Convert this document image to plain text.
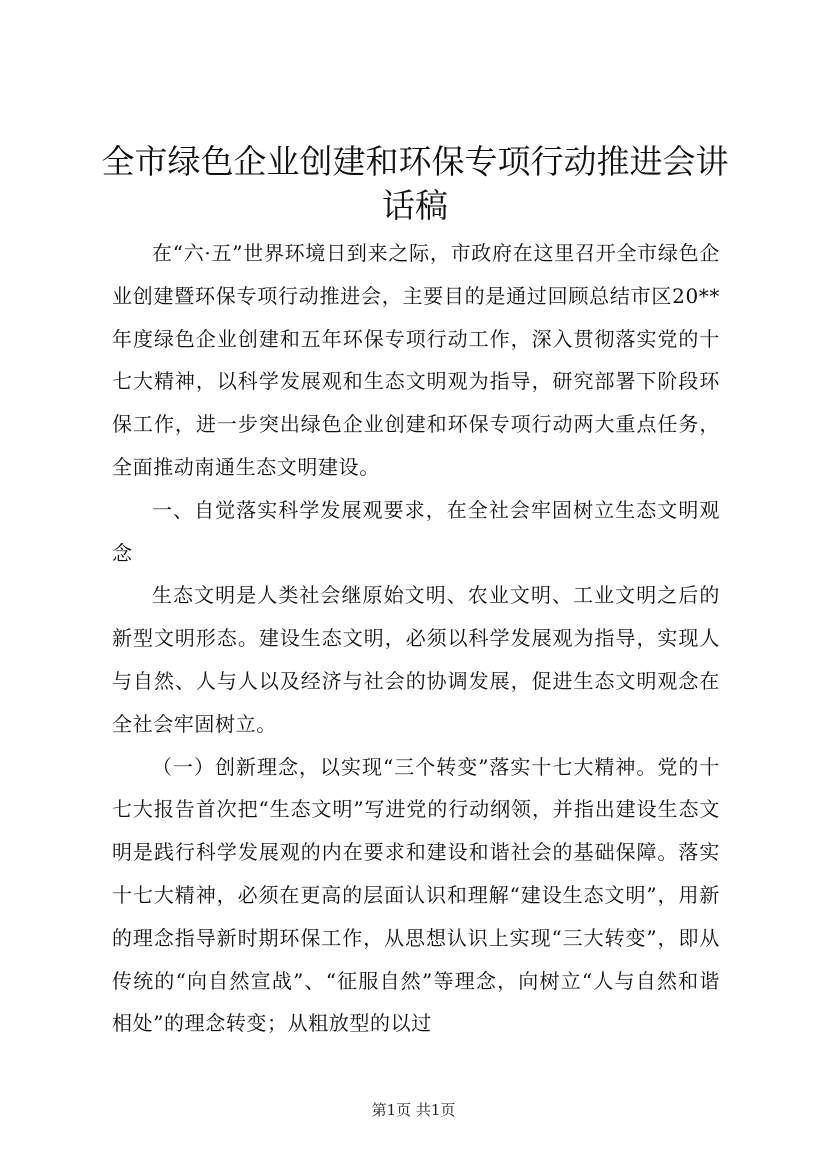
全市绿色企业创建和环保专项行动推进会讲话稿

在“六·五”世界环境日到来之际，市政府在这里召开全市绿色企业创建暨环保专项行动推进会，主要目的是通过回顾总结市区20**年度绿色企业创建和五年环保专项行动工作，深入贯彻落实党的十七大精神，以科学发展观和生态文明观为指导，研究部署下阶段环保工作，进一步突出绿色企业创建和环保专项行动两大重点任务，全面推动南通生态文明建设。

一、自觉落实科学发展观要求，在全社会牢固树立生态文明观念

生态文明是人类社会继原始文明、农业文明、工业文明之后的新型文明形态。建设生态文明，必须以科学发展观为指导，实现人与自然、人与人以及经济与社会的协调发展，促进生态文明观念在全社会牢固树立。

（一）创新理念，以实现“三个转变”落实十七大精神。党的十七大报告首次把“生态文明”写进党的行动纲领，并指出建设生态文明是践行科学发展观的内在要求和建设和谐社会的基础保障。落实十七大精神，必须在更高的层面认识和理解“建设生态文明”，用新的理念指导新时期环保工作，从思想认识上实现“三大转变”，即从传统的“向自然宣战”、“征服自然”等理念，向树立“人与自然和谐相处”的理念转变；从粗放型的以过

第1页 共1页
